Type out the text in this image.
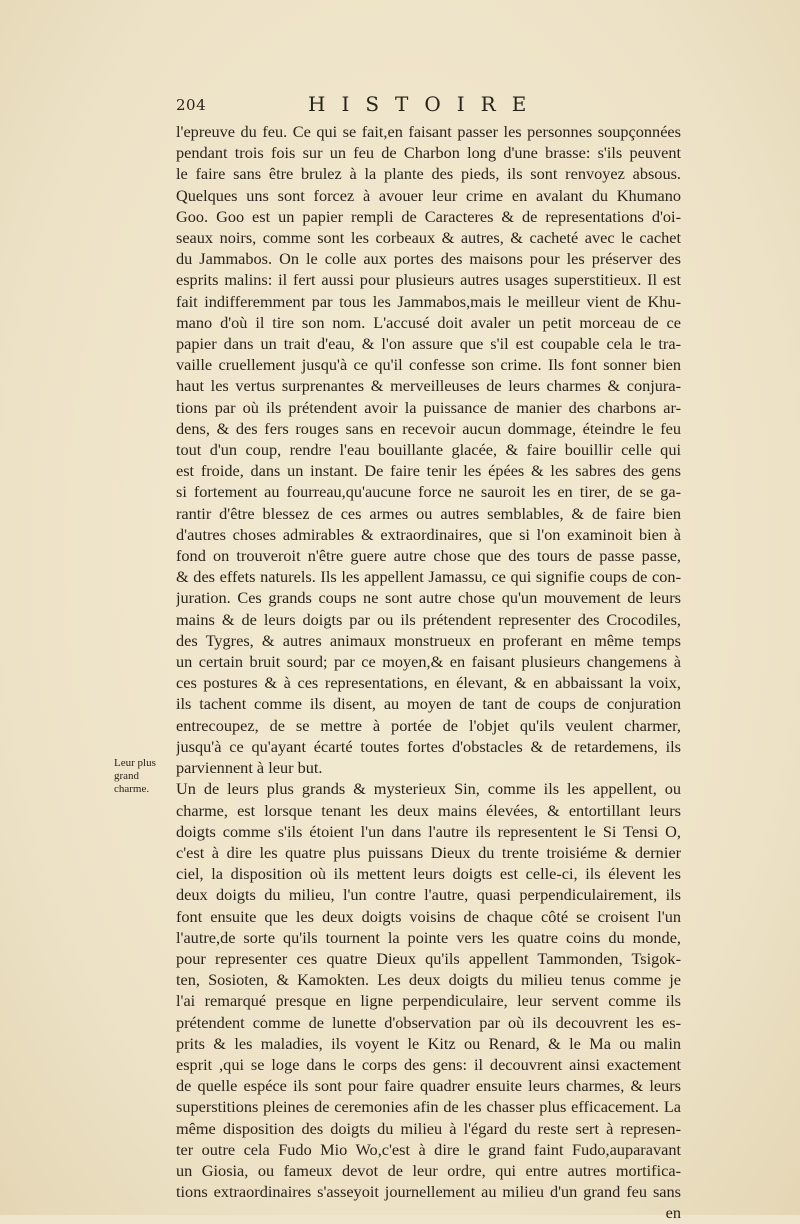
204	HISTOIRE
Leur plus
grand
charme.
l'epreuve du feu. Ce qui se fait,en faisant passer les personnes soupçonnées
pendant trois fois sur un feu de Charbon long d'une brasse: s'ils peuvent
le faire sans être brulez à la plante des pieds, ils sont renvoyez absous.
Quelques uns sont forcez à avouer leur crime en avalant du Khumano
Goo. Goo est un papier rempli de Caracteres & de representations d'oi-
seaux noirs, comme sont les corbeaux & autres, & cacheté avec le cachet
du Jammabos. On le colle aux portes des maisons pour les préserver des
esprits malins: il fert aussi pour plusieurs autres usages superstitieux. Il est
fait indifferemment par tous les Jammabos,mais le meilleur vient de Khu-
mano d'où il tire son nom. L'accusé doit avaler un petit morceau de ce
papier dans un trait d'eau, & l'on assure que s'il est coupable cela le tra-
vaille cruellement jusqu'à ce qu'il confesse son crime. Ils font sonner bien
haut les vertus surprenantes & merveilleuses de leurs charmes & conjura-
tions par où ils prétendent avoir la puissance de manier des charbons ar-
dens, & des fers rouges sans en recevoir aucun dommage, éteindre le feu
tout d'un coup, rendre l'eau bouillante glacée, & faire bouillir celle qui
est froide, dans un instant. De faire tenir les épées & les sabres des gens
si fortement au fourreau,qu'aucune force ne sauroit les en tirer, de se ga-
rantir d'être blessez de ces armes ou autres semblables, & de faire bien
d'autres choses admirables & extraordinaires, que si l'on examinoit bien à
fond on trouveroit n'être guere autre chose que des tours de passe passe,
& des effets naturels. Ils les appellent Jamassu, ce qui signifie coups de con-
juration. Ces grands coups ne sont autre chose qu'un mouvement de leurs
mains & de leurs doigts par ou ils prétendent representer des Crocodiles,
des Tygres, & autres animaux monstrueux en proferant en même temps
un certain bruit sourd; par ce moyen,& en faisant plusieurs changemens à
ces postures & à ces representations, en élevant, & en abbaissant la voix,
ils tachent comme ils disent, au moyen de tant de coups de conjuration
entrecoupez, de se mettre à portée de l'objet qu'ils veulent charmer,
jusqu'à ce qu'ayant écarté toutes fortes d'obstacles & de retardemens, ils
parviennent à leur but.
Un de leurs plus grands & mysterieux Sin, comme ils les appellent, ou
charme, est lorsque tenant les deux mains élevées, & entortillant leurs
doigts comme s'ils étoient l'un dans l'autre ils representent le Si Tensi O,
c'est à dire les quatre plus puissans Dieux du trente troisiéme & dernier
ciel, la disposition où ils mettent leurs doigts est celle-ci, ils élevent les
deux doigts du milieu, l'un contre l'autre, quasi perpendiculairement, ils
font ensuite que les deux doigts voisins de chaque côté se croisent l'un
l'autre,de sorte qu'ils tournent la pointe vers les quatre coins du monde,
pour representer ces quatre Dieux qu'ils appellent Tammonden, Tsigok-
ten, Sosioten, & Kamokten. Les deux doigts du milieu tenus comme je
l'ai remarqué presque en ligne perpendiculaire, leur servent comme ils
prétendent comme de lunette d'observation par où ils decouvrent les es-
prits & les maladies, ils voyent le Kitz ou Renard, & le Ma ou malin
esprit ,qui se loge dans le corps des gens: il decouvrent ainsi exactement
de quelle espéce ils sont pour faire quadrer ensuite leurs charmes, & leurs
superstitions pleines de ceremonies afin de les chasser plus efficacement. La
même disposition des doigts du milieu à l'égard du reste sert à represen-
ter outre cela Fudo Mio Wo,c'est à dire le grand faint Fudo,auparavant
un Giosia, ou fameux devot de leur ordre, qui entre autres mortifica-
tions extraordinaires s'asseyoit journellement au milieu d'un grand feu sans
en
